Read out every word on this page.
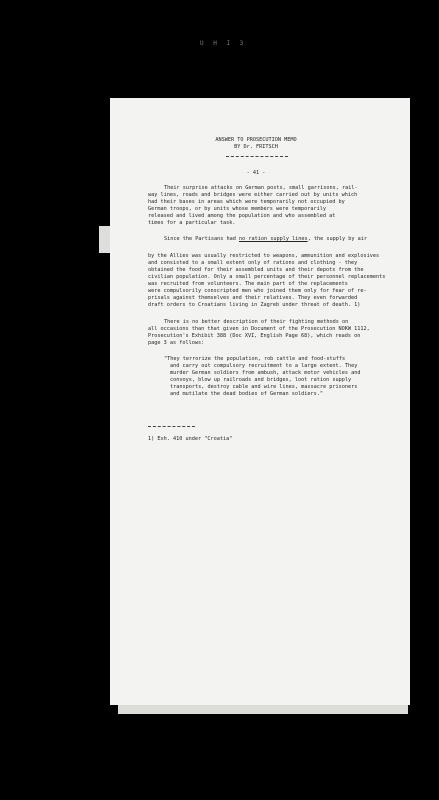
U H I 3
ANSWER TO PROSECUTION MEMO
BY Dr. FRITSCH
- 41 -
Their surprise attacks on German posts, small garrisons, rail-
way lines, roads and bridges were either carried out by units which
had their bases in areas which were temporarily not occupied by
German troops, or by units whose members were temporarily
released and lived among the population and who assembled at
times for a particular task.
Since the Partisans had no ration supply lines, the supply by air
by the Allies was usually restricted to weapons, ammunition and explosives
and consisted to a small extent only of rations and clothing - they
obtained the food for their assembled units and their depots from the
civilian population. Only a small percentage of their personnel replacements
was recruited from volunteers. The main part of the replacements
were compulsorily conscripted men who joined them only for fear of re-
prisals against themselves and their relatives. They even forwarded
draft orders to Croatians living in Zagreb under threat of death. 1)
There is no better description of their fighting methods on
all occasions than that given in Document of the Prosecution NOKW 1112,
Prosecution's Exhibit 388 (Doc XVI, English Page 68), which reads on
page 3 as follows:
"They terrorize the population, rob cattle and food-stuffs
and carry out compulsory recruitment to a large extent. They
murder German soldiers from ambush, attack motor vehicles and
convoys, blow up railroads and bridges, loot ration supply
transports, destroy cable and wire lines, massacre prisoners
and mutilate the dead bodies of German soldiers."
1) Exh. 410 under "Croatia"
